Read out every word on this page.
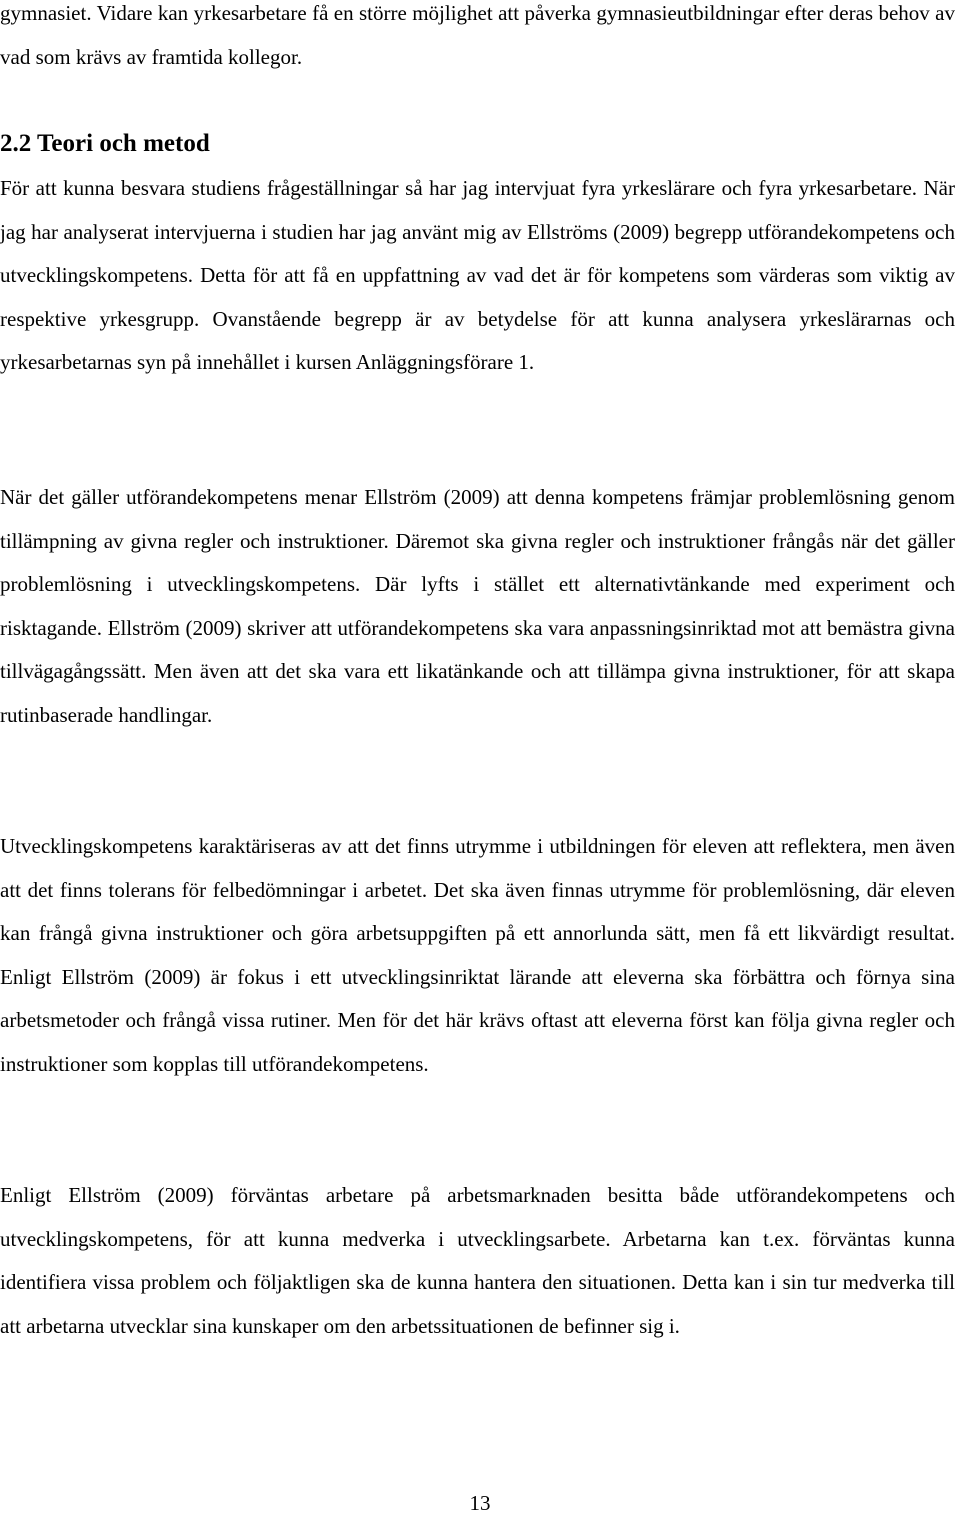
gymnasiet. Vidare kan yrkesarbetare få en större möjlighet att påverka gymnasieutbildningar efter deras behov av vad som krävs av framtida kollegor.

2.2 Teori och metod

För att kunna besvara studiens frågeställningar så har jag intervjuat fyra yrkeslärare och fyra yrkesarbetare. När jag har analyserat intervjuerna i studien har jag använt mig av Ellströms (2009) begrepp utförandekompetens och utvecklingskompetens. Detta för att få en uppfattning av vad det är för kompetens som värderas som viktig av respektive yrkesgrupp. Ovanstående begrepp är av betydelse för att kunna analysera yrkeslärarnas och yrkesarbetarnas syn på innehållet i kursen Anläggningsförare 1.

När det gäller utförandekompetens menar Ellström (2009) att denna kompetens främjar problemlösning genom tillämpning av givna regler och instruktioner. Däremot ska givna regler och instruktioner frångås när det gäller problemlösning i utvecklingskompetens. Där lyfts i stället ett alternativtänkande med experiment och risktagande. Ellström (2009) skriver att utförandekompetens ska vara anpassningsinriktad mot att bemästra givna tillvägagångssätt. Men även att det ska vara ett likatänkande och att tillämpa givna instruktioner, för att skapa rutinbaserade handlingar.

Utvecklingskompetens karaktäriseras av att det finns utrymme i utbildningen för eleven att reflektera, men även att det finns tolerans för felbedömningar i arbetet. Det ska även finnas utrymme för problemlösning, där eleven kan frångå givna instruktioner och göra arbetsuppgiften på ett annorlunda sätt, men få ett likvärdigt resultat. Enligt Ellström (2009) är fokus i ett utvecklingsinriktat lärande att eleverna ska förbättra och förnya sina arbetsmetoder och frångå vissa rutiner. Men för det här krävs oftast att eleverna först kan följa givna regler och instruktioner som kopplas till utförandekompetens.

Enligt Ellström (2009) förväntas arbetare på arbetsmarknaden besitta både utförandekompetens och utvecklingskompetens, för att kunna medverka i utvecklingsarbete. Arbetarna kan t.ex. förväntas kunna identifiera vissa problem och följaktligen ska de kunna hantera den situationen. Detta kan i sin tur medverka till att arbetarna utvecklar sina kunskaper om den arbetssituationen de befinner sig i.

13
